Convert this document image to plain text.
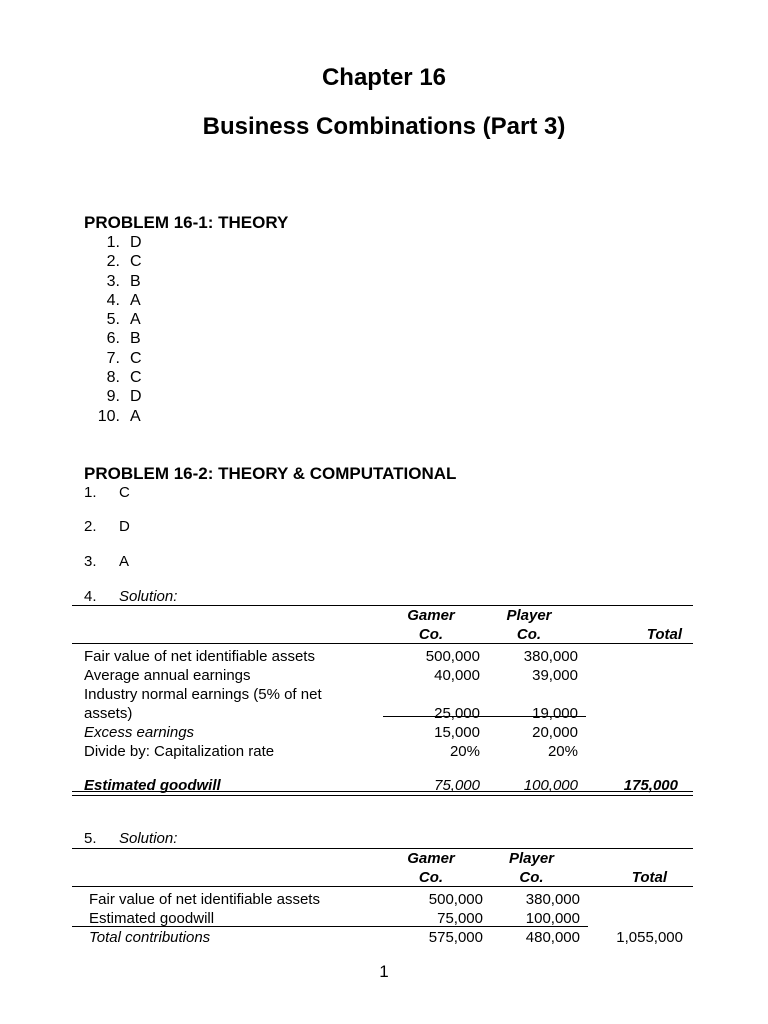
Chapter 16
Business Combinations (Part 3)
PROBLEM 16-1: THEORY
1. D
2. C
3. B
4. A
5. A
6. B
7. C
8. C
9. D
10. A
PROBLEM 16-2: THEORY & COMPUTATIONAL
1. C
2. D
3. A
4. Solution:
	Gamer	Player	
	Co.	Co.	Total

Fair value of net identifiable assets	500,000	380,000	
Average annual earnings	40,000	39,000	
Industry normal earnings (5% of net			
assets)	25,000	19,000	
Excess earnings	15,000	20,000	
Divide by: Capitalization rate	20%	20%	

Estimated goodwill	75,000	100,000	175,000
5. Solution:
	Gamer	Player	
	Co.	Co.	Total

Fair value of net identifiable assets	500,000	380,000	
Estimated goodwill	75,000	100,000	
Total contributions	575,000	480,000	1,055,000
1
